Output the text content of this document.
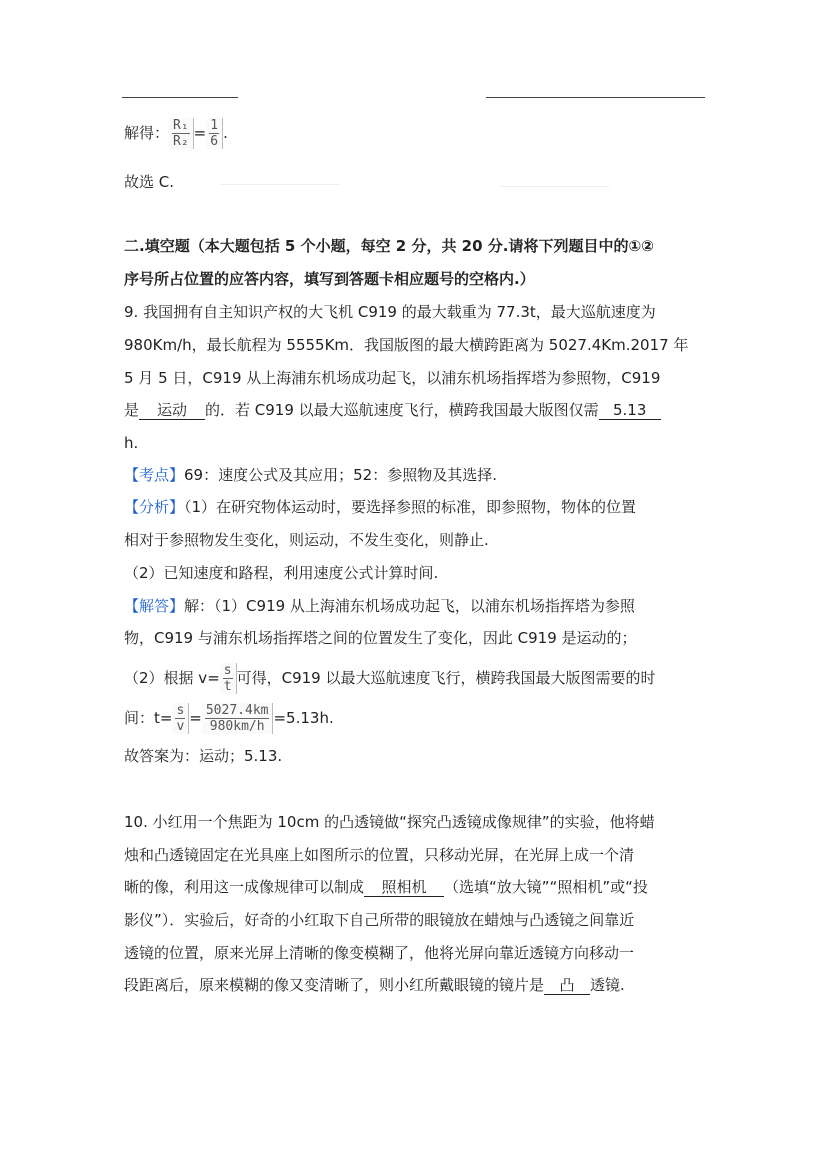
解得： $\frac{\text{R₁}}{\text{R₂}} = \frac{1}{6}$ .
故选 C.
二.填空题（本大题包括 5 个小题，每空 2 分，共 20 分.请将下列题目中的①②
序号所占位置的应答内容，填写到答题卡相应题号的空格内.）
9. 我国拥有自主知识产权的大飞机 C919 的最大载重为 77.3t，最大巡航速度为
980Km/h，最长航程为 5555Km．我国版图的最大横跨距离为 5027.4Km.2017 年
5 月 5 日，C919 从上海浦东机场成功起飞，以浦东机场指挥塔为参照物，C919
是 运动 的．若 C919 以最大巡航速度飞行，横跨我国最大版图仅需 5.13
h.
【考点】69：速度公式及其应用；52：参照物及其选择.
【分析】（1）在研究物体运动时，要选择参照的标准，即参照物，物体的位置
相对于参照物发生变化，则运动，不发生变化，则静止.
（2）已知速度和路程，利用速度公式计算时间.
【解答】解：（1）C919 从上海浦东机场成功起飞，以浦东机场指挥塔为参照
物，C919 与浦东机场指挥塔之间的位置发生了变化，因此 C919 是运动的；
（2）根据 $v= \frac{s}{t}$ 可得，C919 以最大巡航速度飞行，横跨我国最大版图需要的时
间：$t= \frac{s}{v} = \frac{5027.4km}{980km/h} =5.13h$.
故答案为：运动；5.13.
10. 小红用一个焦距为 10cm 的凸透镜做“探究凸透镜成像规律”的实验，他将蜡
烛和凸透镜固定在光具座上如图所示的位置，只移动光屏，在光屏上成一个清
晰的像，利用这一成像规律可以制成 照相机 （选填“放大镜”“照相机”或“投
影仪”）．实验后，好奇的小红取下自己所带的眼镜放在蜡烛与凸透镜之间靠近
透镜的位置，原来光屏上清晰的像变模糊了，他将光屏向靠近透镜方向移动一
段距离后，原来模糊的像又变清晰了，则小红所戴眼镜的镜片是 凸 透镜.
